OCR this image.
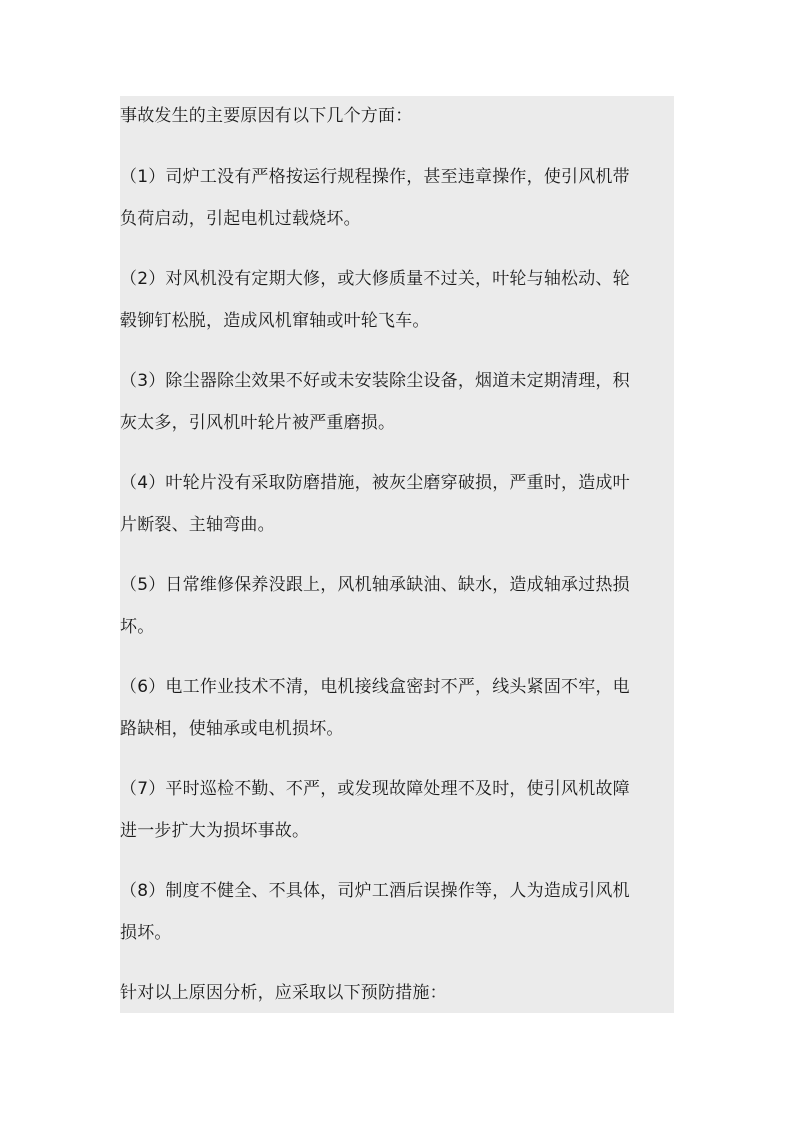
事故发生的主要原因有以下几个方面：
（1）司炉工没有严格按运行规程操作，甚至违章操作，使引风机带
负荷启动，引起电机过载烧坏。
（2）对风机没有定期大修，或大修质量不过关，叶轮与轴松动、轮
毂铆钉松脱，造成风机窜轴或叶轮飞车。
（3）除尘器除尘效果不好或未安装除尘设备，烟道未定期清理，积
灰太多，引风机叶轮片被严重磨损。
（4）叶轮片没有采取防磨措施，被灰尘磨穿破损，严重时，造成叶
片断裂、主轴弯曲。
（5）日常维修保养没跟上，风机轴承缺油、缺水，造成轴承过热损
坏。
（6）电工作业技术不清，电机接线盒密封不严，线头紧固不牢，电
路缺相，使轴承或电机损坏。
（7）平时巡检不勤、不严，或发现故障处理不及时，使引风机故障
进一步扩大为损坏事故。
（8）制度不健全、不具体，司炉工酒后误操作等，人为造成引风机
损坏。
针对以上原因分析，应采取以下预防措施：
